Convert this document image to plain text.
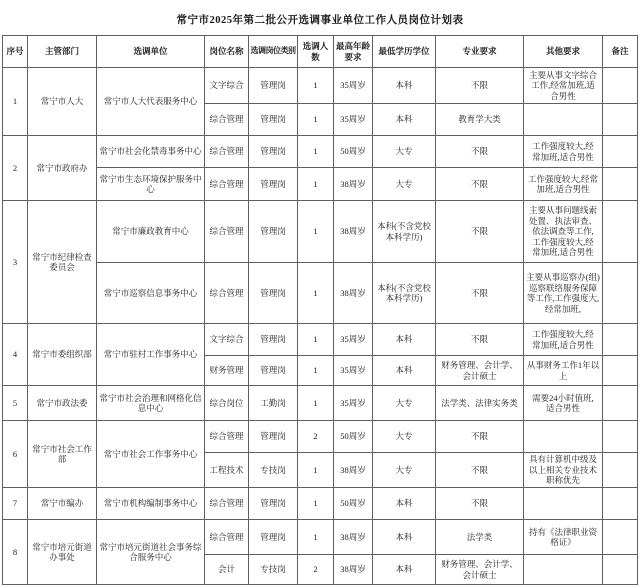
常宁市2025年第二批公开选调事业单位工作人员岗位计划表
序号	主管部门	选调单位	岗位名称	选调岗位类别	选调人数	最高年龄要求	最低学历学位	专业要求	其他要求	备注
1	常宁市人大	常宁市人大代表服务中心	文字综合	管理岗	1	35周岁	本科	不限	主要从事文字综合工作,经常加班,适合男性	
			综合管理	管理岗	1	35周岁	本科	教育学大类		
2	常宁市政府办	常宁市社会化禁毒事务中心	综合管理	管理岗	1	50周岁	大专	不限	工作强度较大,经常加班,适合男性	
		常宁市生态环境保护服务中心	综合管理	管理岗	1	38周岁	大专	不限	工作强度较大,经常加班,适合男性	
3	常宁市纪律检查委员会	常宁市廉政教育中心	综合管理	管理岗	1	38周岁	本科(不含党校本科学历)	不限	主要从事问题线索处置、执法审查、依法调查等工作,工作强度较大,经常加班,适合男性	
		常宁市巡察信息事务中心	综合管理	管理岗	1	38周岁	本科(不含党校本科学历)	不限	主要从事巡察办(组)巡察联络服务保障等工作,工作强度大,经常加班,	
4	常宁市委组织部	常宁市驻村工作事务中心	文字综合	管理岗	1	35周岁	本科	不限	工作强度较大,经常加班,适合男性	
			财务管理	管理岗	1	35周岁	本科	财务管理、会计学、会计硕士	从事财务工作1年以上	
5	常宁市政法委	常宁市社会治理和网格化信息中心	综合岗位	工勤岗	1	35周岁	大专	法学类、法律实务类	需要24小时值班,适合男性	
6	常宁市社会工作部	常宁市社会工作事务中心	综合管理	管理岗	2	50周岁	大专	不限		
			工程技术	专技岗	1	38周岁	大专	不限	具有计算机中级及以上相关专业技术职称优先	
7	常宁市编办	常宁市机构编制事务中心	综合管理	管理岗	1	50周岁	本科	不限		
8	常宁市培元街道办事处	常宁市培元街道社会事务综合服务中心	综合管理	管理岗	1	38周岁	本科	法学类	持有《法律职业资格证》	
			会计	专技岗	2	38周岁	本科	财务管理、会计学、会计硕士		
